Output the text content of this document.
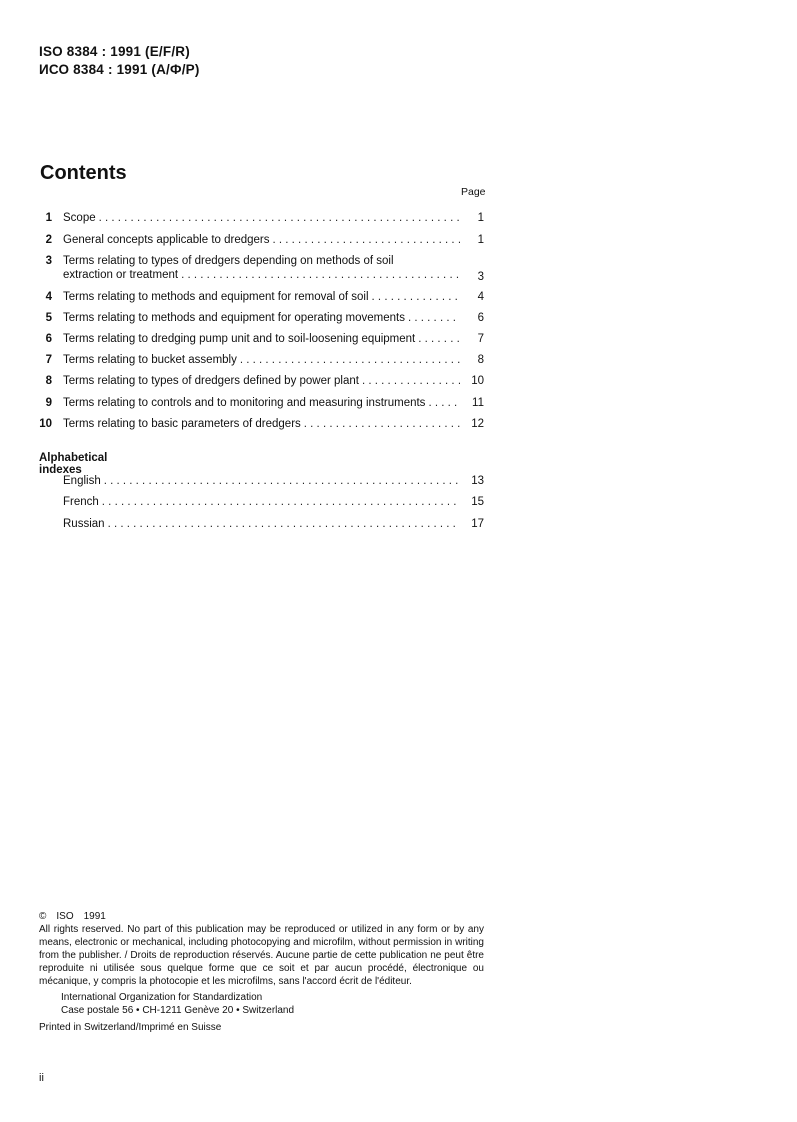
ISO 8384 : 1991 (E/F/R)
ИСО 8384 : 1991 (А/Ф/Р)
Contents
Page
1 Scope . . .	1
2 General concepts applicable to dredgers . . .	1
3 Terms relating to types of dredgers depending on methods of soil
extraction or treatment . . .	3
4 Terms relating to methods and equipment for removal of soil . . .	4
5 Terms relating to methods and equipment for operating movements . . .	6
6 Terms relating to dredging pump unit and to soil-loosening equipment . . .	7
7 Terms relating to bucket assembly . . .	8
8 Terms relating to types of dredgers defined by power plant . . .	10
9 Terms relating to controls and to monitoring and measuring instruments . . .	11
10 Terms relating to basic parameters of dredgers . . .	12
Alphabetical indexes
English . . .	13
French . . .	15
Russian . . .	17

© ISO 1991

All rights reserved. No part of this publication may be reproduced or utilized in any form or by any means, electronic or mechanical, including photocopying and microfilm, without permission in writing from the publisher. / Droits de reproduction réservés. Aucune partie de cette publication ne peut être reproduite ni utilisée sous quelque forme que ce soit et par aucun procédé, électronique ou mécanique, y compris la photocopie et les microfilms, sans l'accord écrit de l'éditeur.

International Organization for Standardization

Case postale 56 • CH-1211 Genève 20 • Switzerland

Printed in Switzerland/Imprimé en Suisse

ii
